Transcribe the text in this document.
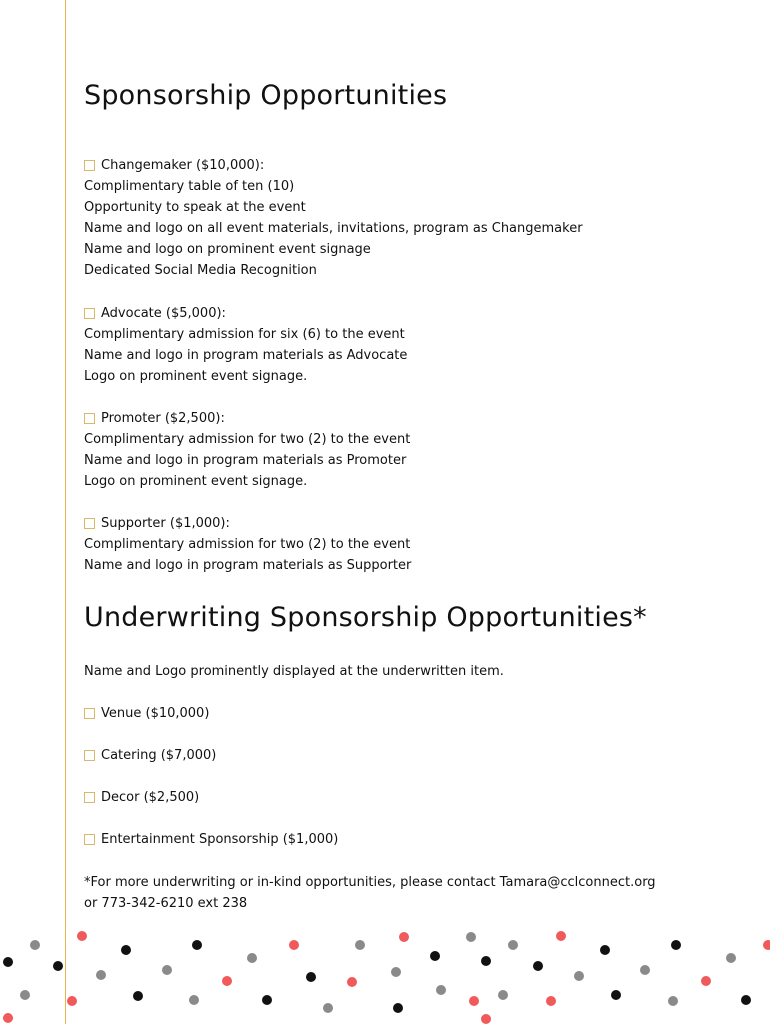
Sponsorship Opportunities
Changemaker ($10,000):
Complimentary table of ten (10)
Opportunity to speak at the event
Name and logo on all event materials, invitations, program as Changemaker
Name and logo on prominent event signage
Dedicated Social Media Recognition
Advocate ($5,000):
Complimentary admission for six (6) to the event
Name and logo in program materials as Advocate
Logo on prominent event signage.
Promoter ($2,500):
Complimentary admission for two (2) to the event
Name and logo in program materials as Promoter
Logo on prominent event signage.
Supporter ($1,000):
Complimentary admission for two (2) to the event
Name and logo in program materials as Supporter
Underwriting Sponsorship Opportunities*
Name and Logo prominently displayed at the underwritten item.
Venue ($10,000)
Catering ($7,000)
Decor ($2,500)
Entertainment Sponsorship ($1,000)
*For more underwriting or in-kind opportunities, please contact Tamara@cclconnect.org
or 773-342-6210 ext 238
